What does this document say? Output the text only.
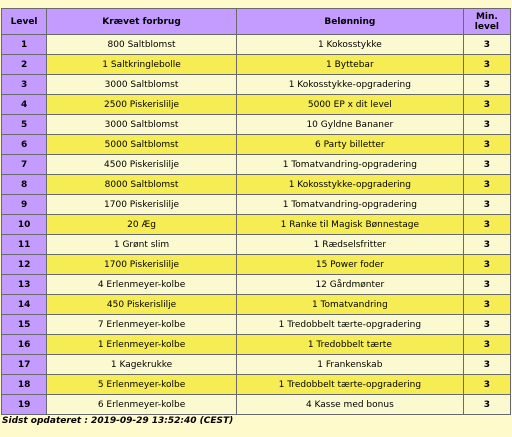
Level	Krævet forbrug	Belønning	Min.
level
1	800 Saltblomst	1 Kokosstykke	3
2	1 Saltkringlebolle	1 Byttebar	3
3	3000 Saltblomst	1 Kokosstykke-opgradering	3
4	2500 Piskerislilje	5000 EP x dit level	3
5	3000 Saltblomst	10 Gyldne Bananer	3
6	5000 Saltblomst	6 Party billetter	3
7	4500 Piskerislilje	1 Tomatvandring-opgradering	3
8	8000 Saltblomst	1 Kokosstykke-opgradering	3
9	1700 Piskerislilje	1 Tomatvandring-opgradering	3
10	20 Æg	1 Ranke til Magisk Bønnestage	3
11	1 Grønt slim	1 Rædselsfritter	3
12	1700 Piskerislilje	15 Power foder	3
13	4 Erlenmeyer-kolbe	12 Gårdmønter	3
14	450 Piskerislilje	1 Tomatvandring	3
15	7 Erlenmeyer-kolbe	1 Tredobbelt tærte-opgradering	3
16	1 Erlenmeyer-kolbe	1 Tredobbelt tærte	3
17	1 Kagekrukke	1 Frankenskab	3
18	5 Erlenmeyer-kolbe	1 Tredobbelt tærte-opgradering	3
19	6 Erlenmeyer-kolbe	4 Kasse med bonus	3
Sidst opdateret : 2019-09-29 13:52:40 (CEST)
